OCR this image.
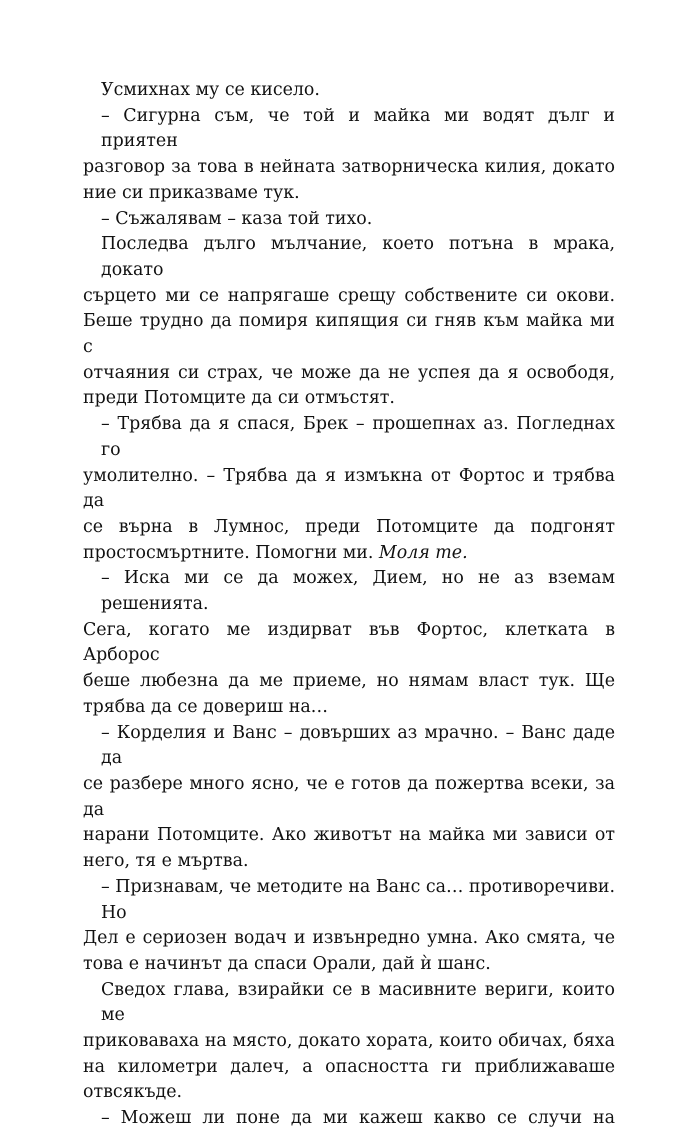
Усмихнах му се кисело.
– Сигурна съм, че той и майка ми водят дълг и приятен
разговор за това в нейната затворническа килия, докато
ние си приказваме тук.
– Съжалявам – каза той тихо.
Последва дълго мълчание, което потъна в мрака, докато
сърцето ми се напрягаше срещу собствените си окови.
Беше трудно да помиря кипящия си гняв към майка ми с
отчаяния си страх, че може да не успея да я освободя,
преди Потомците да си отмъстят.
– Трябва да я спася, Брек – прошепнах аз. Погледнах го
умолително. – Трябва да я измъкна от Фортос и трябва да
се върна в Лумнос, преди Потомците да подгонят
простосмъртните. Помогни ми. Моля те.
– Иска ми се да можех, Дием, но не аз вземам решенията.
Сега, когато ме издирват във Фортос, клетката в Арборос
беше любезна да ме приеме, но нямам власт тук. Ще
трябва да се довериш на…
– Корделия и Ванс – довърших аз мрачно. – Ванс даде да
се разбере много ясно, че е готов да пожертва всеки, за да
нарани Потомците. Ако животът на майка ми зависи от
него, тя е мъртва.
– Признавам, че методите на Ванс са… противоречиви. Но
Дел е сериозен водач и извънредно умна. Ако смята, че
това е начинът да спаси Орали, дай ѝ шанс.
Сведох глава, взирайки се в масивните вериги, които ме
приковаваха на място, докато хората, които обичах, бяха
на километри далеч, а опасността ги приближаваше
отвсякъде.
– Можеш ли поне да ми кажеш какво се случи на
